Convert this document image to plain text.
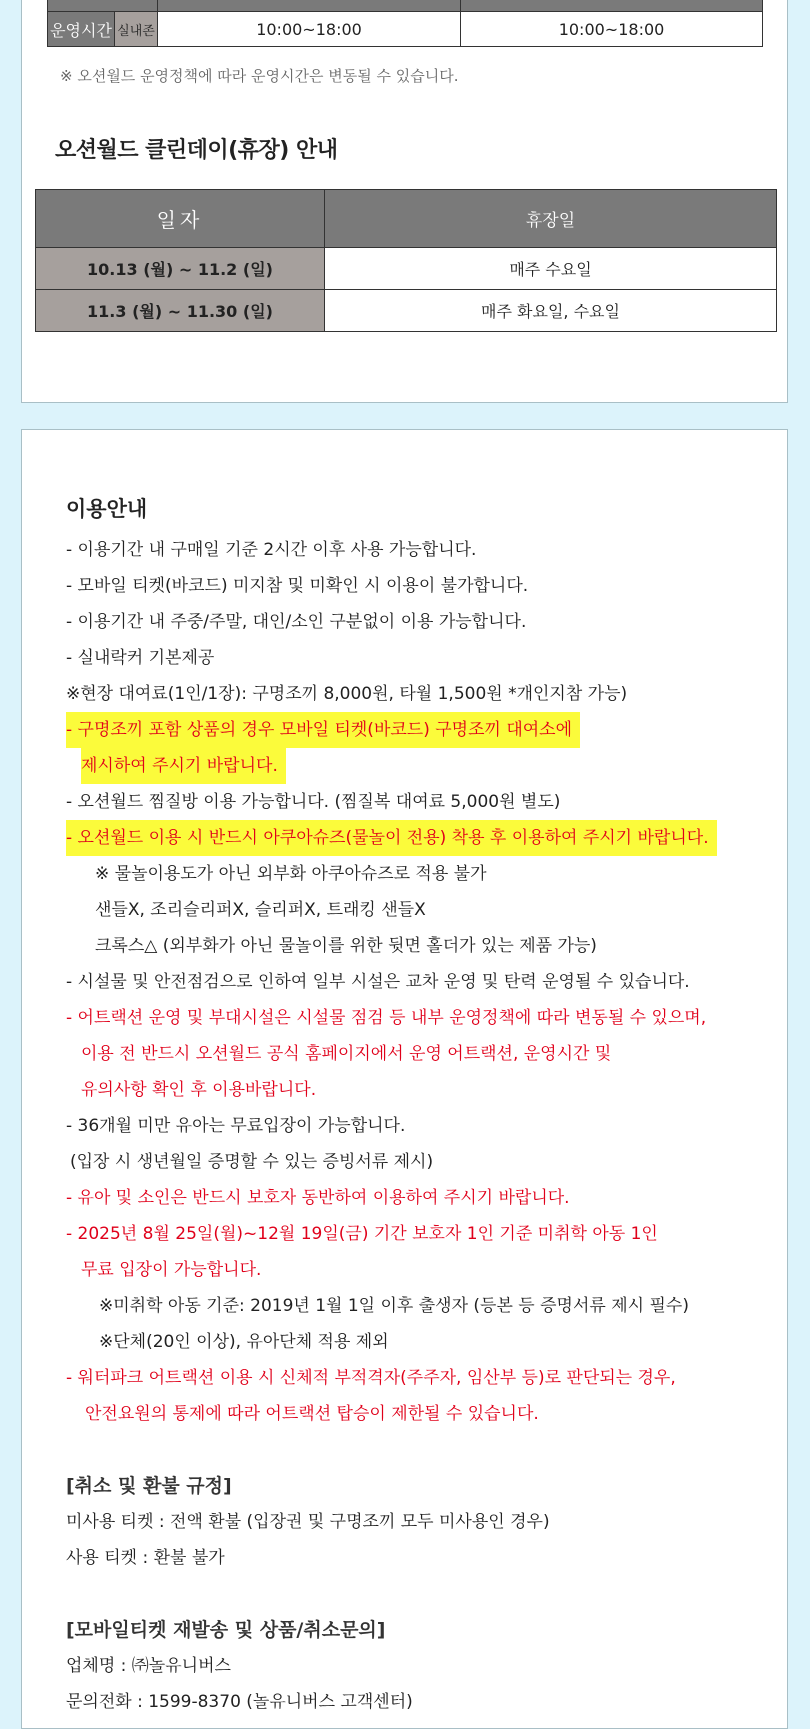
운영시간	실내존	10:00~18:00	10:00~18:00
※ 오션월드 운영정책에 따라 운영시간은 변동될 수 있습니다.
오션월드 클린데이(휴장) 안내
일자	휴장일
10.13 (월) ~ 11.2 (일)	매주 수요일
11.3 (월) ~ 11.30 (일)	매주 화요일, 수요일
이용안내
- 이용기간 내 구매일 기준 2시간 이후 사용 가능합니다.
- 모바일 티켓(바코드) 미지참 및 미확인 시 이용이 불가합니다.
- 이용기간 내 주중/주말, 대인/소인 구분없이 이용 가능합니다.
- 실내락커 기본제공
※현장 대여료(1인/1장): 구명조끼 8,000원, 타월 1,500원 *개인지참 가능)
- 구명조끼 포함 상품의 경우 모바일 티켓(바코드) 구명조끼 대여소에
제시하여 주시기 바랍니다.
- 오션월드 찜질방 이용 가능합니다. (찜질복 대여료 5,000원 별도)
- 오션월드 이용 시 반드시 아쿠아슈즈(물놀이 전용) 착용 후 이용하여 주시기 바랍니다.
※ 물놀이용도가 아닌 외부화 아쿠아슈즈로 적용 불가
샌들X, 조리슬리퍼X, 슬리퍼X, 트래킹 샌들X
크록스△ (외부화가 아닌 물놀이를 위한 뒷면 홀더가 있는 제품 가능)
- 시설물 및 안전점검으로 인하여 일부 시설은 교차 운영 및 탄력 운영될 수 있습니다.
- 어트랙션 운영 및 부대시설은 시설물 점검 등 내부 운영정책에 따라 변동될 수 있으며,
이용 전 반드시 오션월드 공식 홈페이지에서 운영 어트랙션, 운영시간 및
유의사항 확인 후 이용바랍니다.
- 36개월 미만 유아는 무료입장이 가능합니다.
(입장 시 생년월일 증명할 수 있는 증빙서류 제시)
- 유아 및 소인은 반드시 보호자 동반하여 이용하여 주시기 바랍니다.
- 2025년 8월 25일(월)~12월 19일(금) 기간 보호자 1인 기준 미취학 아동 1인
무료 입장이 가능합니다.
※미취학 아동 기준: 2019년 1월 1일 이후 출생자 (등본 등 증명서류 제시 필수)
※단체(20인 이상), 유아단체 적용 제외
- 워터파크 어트랙션 이용 시 신체적 부적격자(주주자, 임산부 등)로 판단되는 경우,
안전요원의 통제에 따라 어트랙션 탑승이 제한될 수 있습니다.
[취소 및 환불 규정]
미사용 티켓 : 전액 환불 (입장권 및 구명조끼 모두 미사용인 경우)
사용 티켓 : 환불 불가
[모바일티켓 재발송 및 상품/취소문의]
업체명 : ㈜놀유니버스
문의전화 : 1599-8370 (놀유니버스 고객센터)
